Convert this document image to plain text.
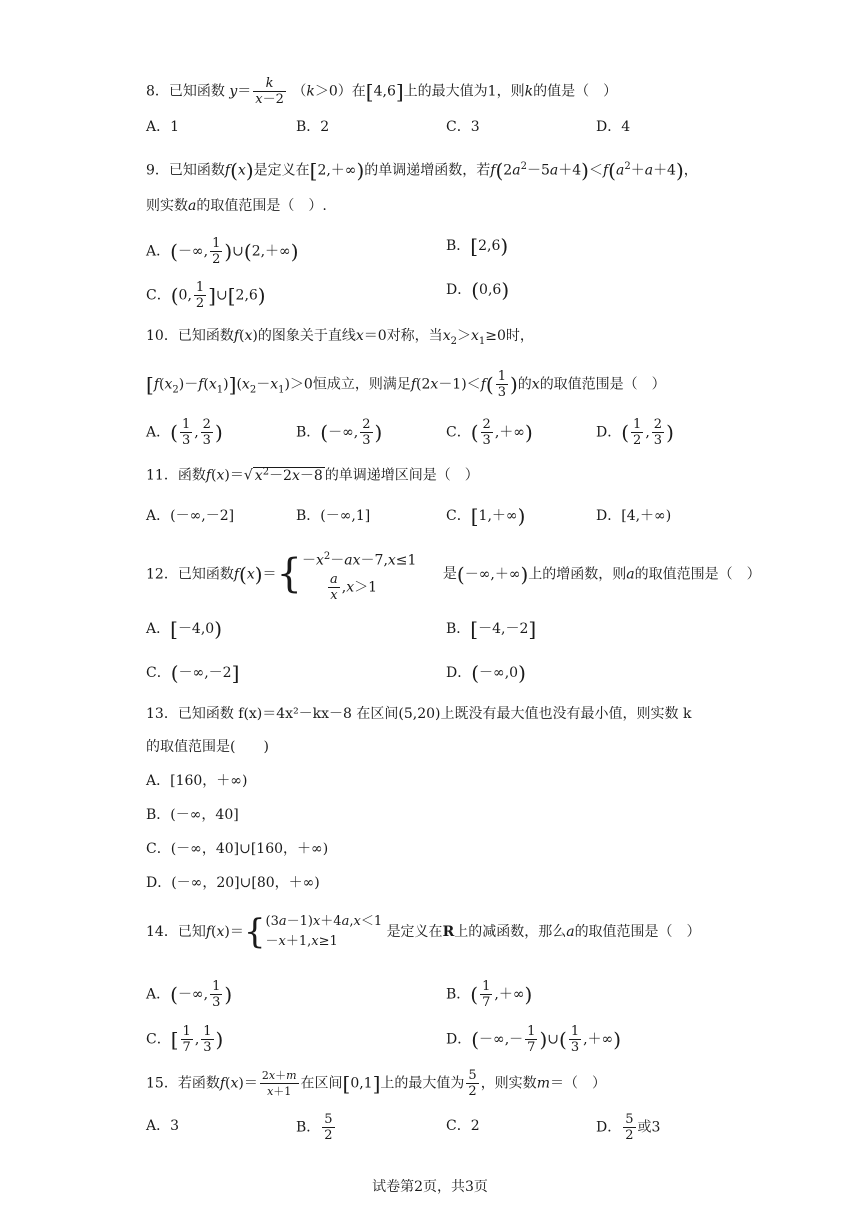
8．已知函数 $y= \frac{k}{x-2} (k>0)$在[4,6]上的最大值为1，则k的值是（　）
A．1	B．2	C．3	D．4
9．已知函数f(x)是定义在[2,＋∞)的单调递增函数，若$f(2a^2-5a+4)<f(a^2+a+4)$，
则实数a的取值范围是（　）.
A．(－∞, $\frac{1}{2}$ )∪(2,＋∞)	B．[2,6)
C．(0, $\frac{1}{2}$ ]∪[2,6)	D．(0,6)
10．已知函数f(x)的图象关于直线x＝0对称，当$x_2>x_1\ge 0$时，
$[f(x_2)-f(x_1)](x_2-x_1)>0$恒成立，则满足$f(2x-1)<f( \frac{1}{3}$ )的x的取值范围是（　）
A．( $\frac{1}{3}$ , $\frac{2}{3}$ )	B．(－∞, $\frac{2}{3}$ )	C．( $\frac{2}{3}$ ,＋∞)	D．( $\frac{1}{2}$ , $\frac{2}{3}$ )
11．函数f(x)＝√ $x^2-2x-8$ 的单调递增区间是（　）
A．(－∞,－2]	B．(－∞,1]	C．[1,＋∞)	D．[4,＋∞)
12．已知函数$f(x)=\{ -x^2-ax-7,x\le 1$
$\frac{a}{x} ,x>1$
是(－∞,＋∞)上的增函数，则a的取值范围是（　）
A．[－4,0)	B．[－4,－2]
C．(－∞,－2]	D．(－∞,0)
13．已知函数 f(x)＝4x²－kx－8 在区间(5,20)上既没有最大值也没有最小值，则实数 k
的取值范围是(　　)
A．[160，＋∞)
B．(－∞，40]
C．(－∞，40]∪[160，＋∞)
D．(－∞，20]∪[80，＋∞)
14．已知f(x)＝{ (3a－1)x＋4a,x＜1
－x＋1,x≥1
是定义在R上的减函数，那么a的取值范围是（　）
A．(－∞, $\frac{1}{3}$ )	B．( $\frac{1}{7}$ ,＋∞)
C．[ $\frac{1}{7}$ , $\frac{1}{3}$ )	D．(－∞,－ $\frac{1}{7}$ )∪( $\frac{1}{3}$ ,＋∞)
15．若函数$f(x)= \frac{2x+m}{x+1}$ 在区间[0,1]上的最大值为 $\frac{5}{2}$ ，则实数m＝（　）
A．3	B． $\frac{5}{2}$	C．2	D． $\frac{5}{2}$ 或3
试卷第2页，共3页
